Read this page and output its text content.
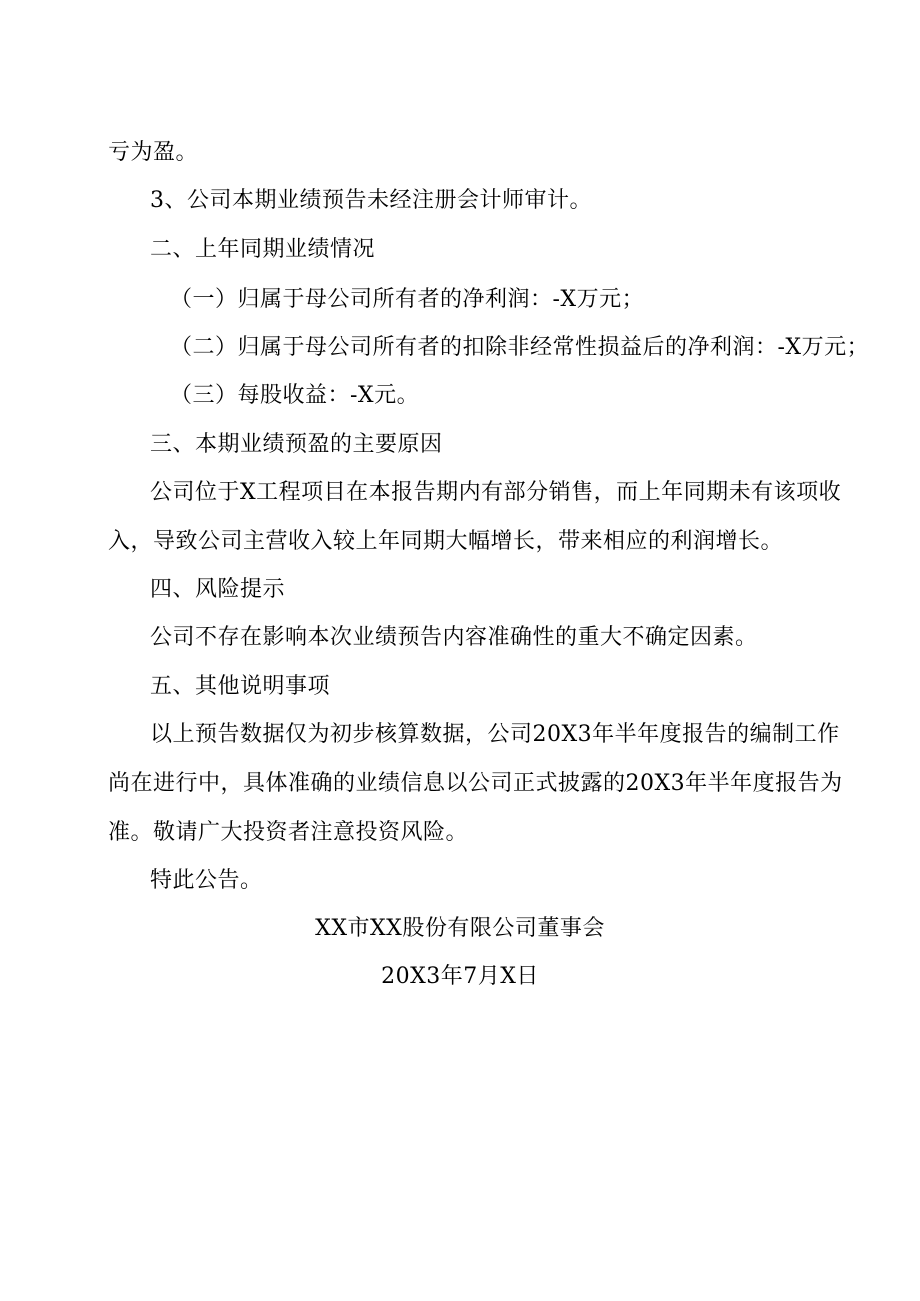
亏为盈。
3、公司本期业绩预告未经注册会计师审计。
二、上年同期业绩情况
（一）归属于母公司所有者的净利润：-X万元；
（二）归属于母公司所有者的扣除非经常性损益后的净利润：-X万元；
（三）每股收益：-X元。
三、本期业绩预盈的主要原因
公司位于X工程项目在本报告期内有部分销售，而上年同期未有该项收
入，导致公司主营收入较上年同期大幅增长，带来相应的利润增长。
四、风险提示
公司不存在影响本次业绩预告内容准确性的重大不确定因素。
五、其他说明事项
以上预告数据仅为初步核算数据，公司20X3年半年度报告的编制工作
尚在进行中，具体准确的业绩信息以公司正式披露的20X3年半年度报告为
准。敬请广大投资者注意投资风险。
特此公告。
XX市XX股份有限公司董事会
20X3年7月X日
